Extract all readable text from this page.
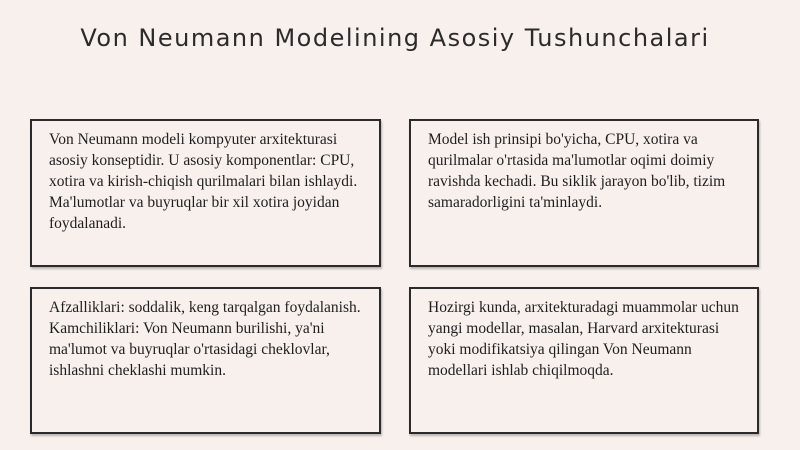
Von Neumann Modelining Asosiy Tushunchalari

Von Neumann modeli kompyuter arxitekturasi asosiy konseptidir. U asosiy komponentlar: CPU, xotira va kirish-chiqish qurilmalari bilan ishlaydi. Ma'lumotlar va buyruqlar bir xil xotira joyidan foydalanadi.

Model ish prinsipi bo'yicha, CPU, xotira va qurilmalar o'rtasida ma'lumotlar oqimi doimiy ravishda kechadi. Bu siklik jarayon bo'lib, tizim samaradorligini ta'minlaydi.

Afzalliklari: soddalik, keng tarqalgan foydalanish. Kamchiliklari: Von Neumann burilishi, ya'ni ma'lumot va buyruqlar o'rtasidagi cheklovlar, ishlashni cheklashi mumkin.

Hozirgi kunda, arxitekturadagi muammolar uchun yangi modellar, masalan, Harvard arxitekturasi yoki modifikatsiya qilingan Von Neumann modellari ishlab chiqilmoqda.
